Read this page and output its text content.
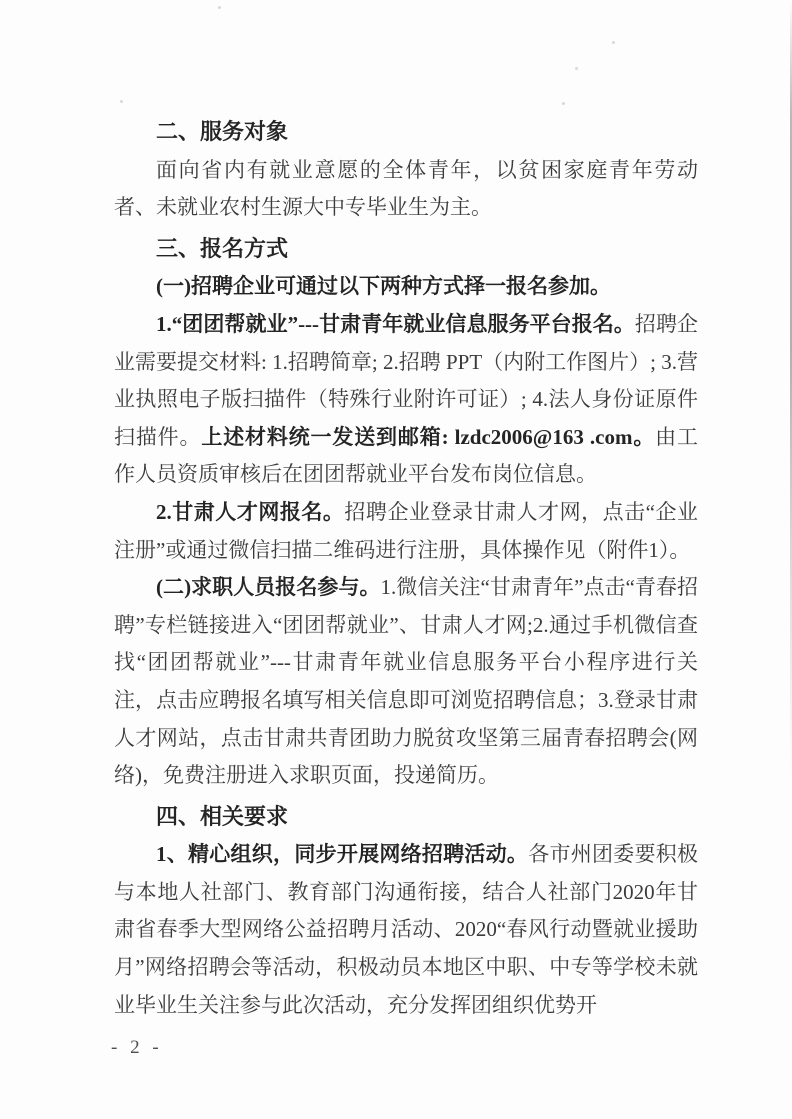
二、服务对象

面向省内有就业意愿的全体青年，以贫困家庭青年劳动者、未就业农村生源大中专毕业生为主。

三、报名方式

(一)招聘企业可通过以下两种方式择一报名参加。

1.“团团帮就业”---甘肃青年就业信息服务平台报名。招聘企业需要提交材料: 1.招聘简章; 2.招聘 PPT（内附工作图片）; 3.营业执照电子版扫描件（特殊行业附许可证）; 4.法人身份证原件扫描件。上述材料统一发送到邮箱: lzdc2006@163 .com。由工作人员资质审核后在团团帮就业平台发布岗位信息。

2.甘肃人才网报名。招聘企业登录甘肃人才网，点击“企业注册”或通过微信扫描二维码进行注册，具体操作见（附件1）。

(二)求职人员报名参与。1.微信关注“甘肃青年”点击“青春招聘”专栏链接进入“团团帮就业”、甘肃人才网;2.通过手机微信查找“团团帮就业”---甘肃青年就业信息服务平台小程序进行关注，点击应聘报名填写相关信息即可浏览招聘信息；3.登录甘肃人才网站，点击甘肃共青团助力脱贫攻坚第三届青春招聘会(网络)，免费注册进入求职页面，投递简历。

四、相关要求

1、精心组织，同步开展网络招聘活动。各市州团委要积极与本地人社部门、教育部门沟通衔接，结合人社部门2020年甘肃省春季大型网络公益招聘月活动、2020“春风行动暨就业援助月”网络招聘会等活动，积极动员本地区中职、中专等学校未就业毕业生关注参与此次活动，充分发挥团组织优势开

- 2 -
